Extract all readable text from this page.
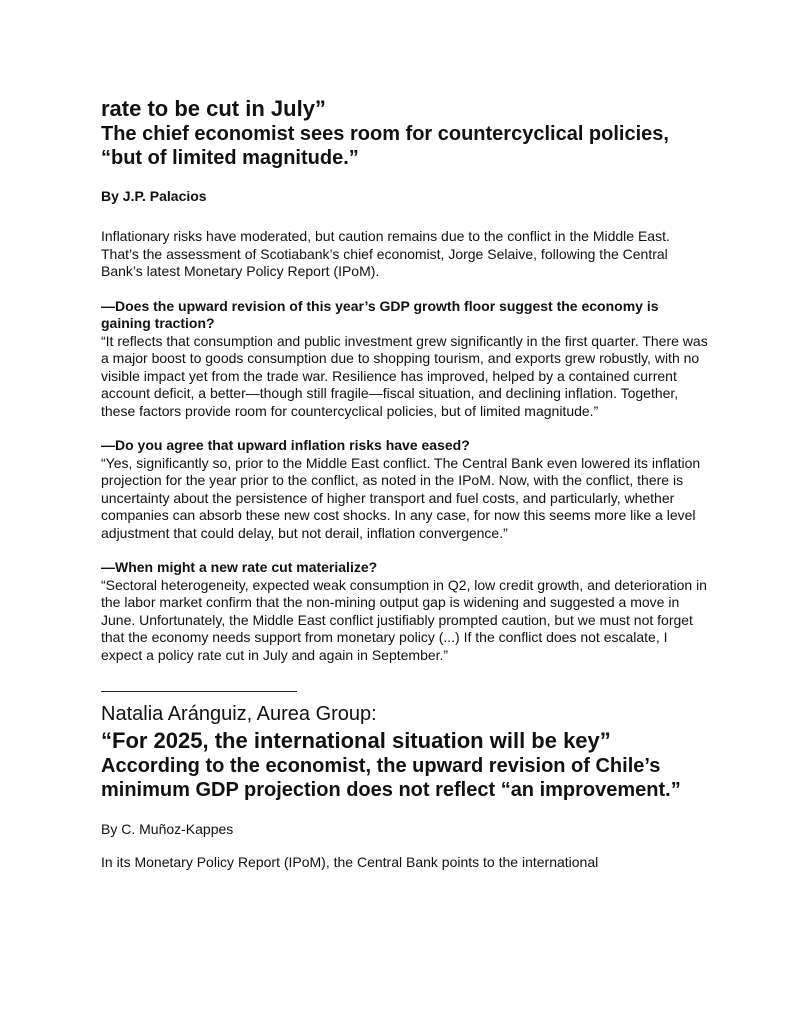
rate to be cut in July”
The chief economist sees room for countercyclical policies, “but of limited magnitude.”

By J.P. Palacios

Inflationary risks have moderated, but caution remains due to the conflict in the Middle East. That’s the assessment of Scotiabank’s chief economist, Jorge Selaive, following the Central Bank’s latest Monetary Policy Report (IPoM).

—Does the upward revision of this year’s GDP growth floor suggest the economy is gaining traction?

“It reflects that consumption and public investment grew significantly in the first quarter. There was a major boost to goods consumption due to shopping tourism, and exports grew robustly, with no visible impact yet from the trade war. Resilience has improved, helped by a contained current account deficit, a better—though still fragile—fiscal situation, and declining inflation. Together, these factors provide room for countercyclical policies, but of limited magnitude.”

—Do you agree that upward inflation risks have eased?

“Yes, significantly so, prior to the Middle East conflict. The Central Bank even lowered its inflation projection for the year prior to the conflict, as noted in the IPoM. Now, with the conflict, there is uncertainty about the persistence of higher transport and fuel costs, and particularly, whether companies can absorb these new cost shocks. In any case, for now this seems more like a level adjustment that could delay, but not derail, inflation convergence.”

—When might a new rate cut materialize?

“Sectoral heterogeneity, expected weak consumption in Q2, low credit growth, and deterioration in the labor market confirm that the non-mining output gap is widening and suggested a move in June. Unfortunately, the Middle East conflict justifiably prompted caution, but we must not forget that the economy needs support from monetary policy (...) If the conflict does not escalate, I expect a policy rate cut in July and again in September.”

——————————————

Natalia Aránguiz, Aurea Group:

“For 2025, the international situation will be key”
According to the economist, the upward revision of Chile’s minimum GDP projection does not reflect “an improvement.”

By C. Muñoz-Kappes

In its Monetary Policy Report (IPoM), the Central Bank points to the international
